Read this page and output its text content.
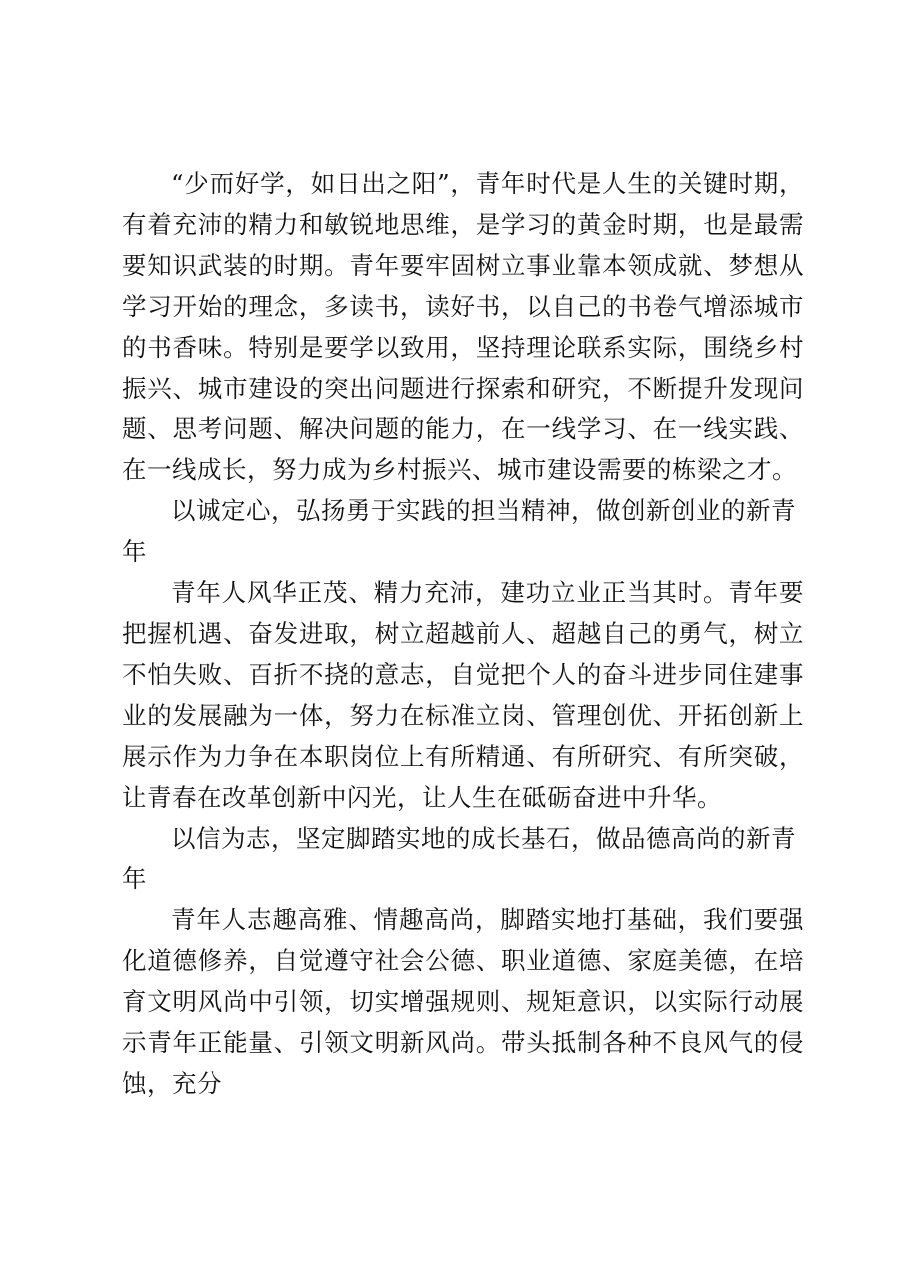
“少而好学，如日出之阳”，青年时代是人生的关键时期，有着充沛的精力和敏锐地思维，是学习的黄金时期，也是最需要知识武装的时期。青年要牢固树立事业靠本领成就、梦想从学习开始的理念，多读书，读好书，以自己的书卷气增添城市的书香味。特别是要学以致用，坚持理论联系实际，围绕乡村振兴、城市建设的突出问题进行探索和研究，不断提升发现问题、思考问题、解决问题的能力，在一线学习、在一线实践、在一线成长，努力成为乡村振兴、城市建设需要的栋梁之才。

以诚定心，弘扬勇于实践的担当精神，做创新创业的新青年

青年人风华正茂、精力充沛，建功立业正当其时。青年要把握机遇、奋发进取，树立超越前人、超越自己的勇气，树立不怕失败、百折不挠的意志，自觉把个人的奋斗进步同住建事业的发展融为一体，努力在标准立岗、管理创优、开拓创新上展示作为力争在本职岗位上有所精通、有所研究、有所突破，让青春在改革创新中闪光，让人生在砥砺奋进中升华。

以信为志，坚定脚踏实地的成长基石，做品德高尚的新青年

青年人志趣高雅、情趣高尚，脚踏实地打基础，我们要强化道德修养，自觉遵守社会公德、职业道德、家庭美德，在培育文明风尚中引领，切实增强规则、规矩意识，以实际行动展示青年正能量、引领文明新风尚。带头抵制各种不良风气的侵蚀，充分
